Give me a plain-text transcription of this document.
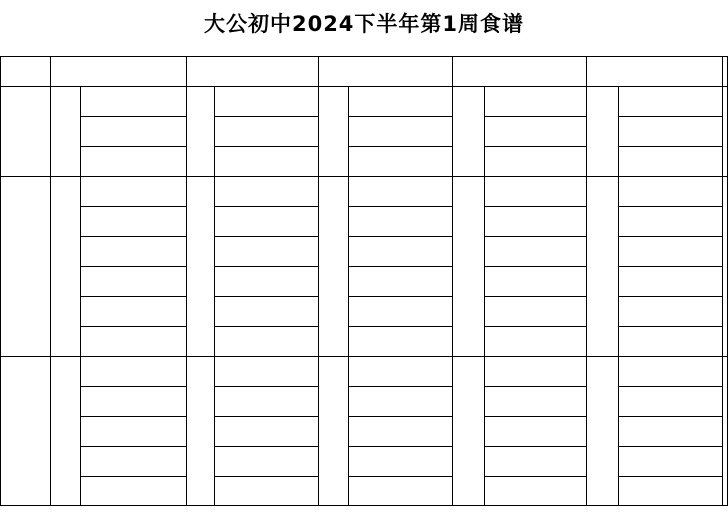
大公初中2024下半年第1周食谱
